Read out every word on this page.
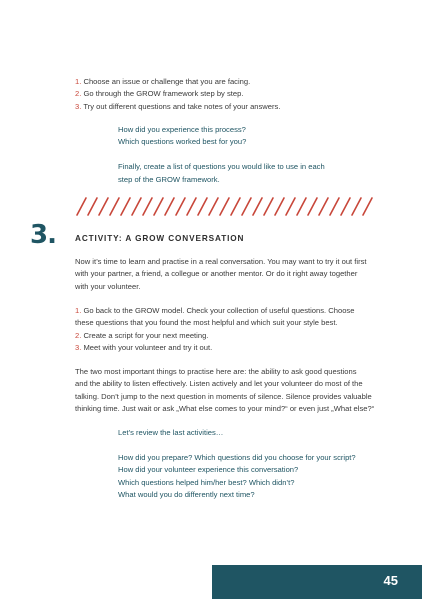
1. Choose an issue or challenge that you are facing.

2. Go through the GROW framework step by step.

3. Try out different questions and take notes of your answers.

How did you experience this process?

Which questions worked best for you?

Finally, create a list of questions you would like to use in each

step of the GROW framework.

3. ACTIVITY: A GROW CONVERSATION

Now it’s time to learn and practise in a real conversation. You may want to try it out first

with your partner, a friend, a collegue or another mentor. Or do it right away together

with your volunteer.

1. Go back to the GROW model. Check your collection of useful questions. Choose

these questions that you found the most helpful and which suit your style best.

2. Create a script for your next meeting.

3. Meet with your volunteer and try it out.

The two most important things to practise here are: the ability to ask good questions

and the ability to listen effectively. Listen actively and let your volunteer do most of the

talking. Don’t jump to the next question in moments of silence. Silence provides valuable

thinking time. Just wait or ask „What else comes to your mind?“ or even just „What else?“

Let’s review the last activities…

How did you prepare? Which questions did you choose for your script?

How did your volunteer experience this conversation?

Which questions helped him/her best? Which didn’t?

What would you do differently next time?

45
